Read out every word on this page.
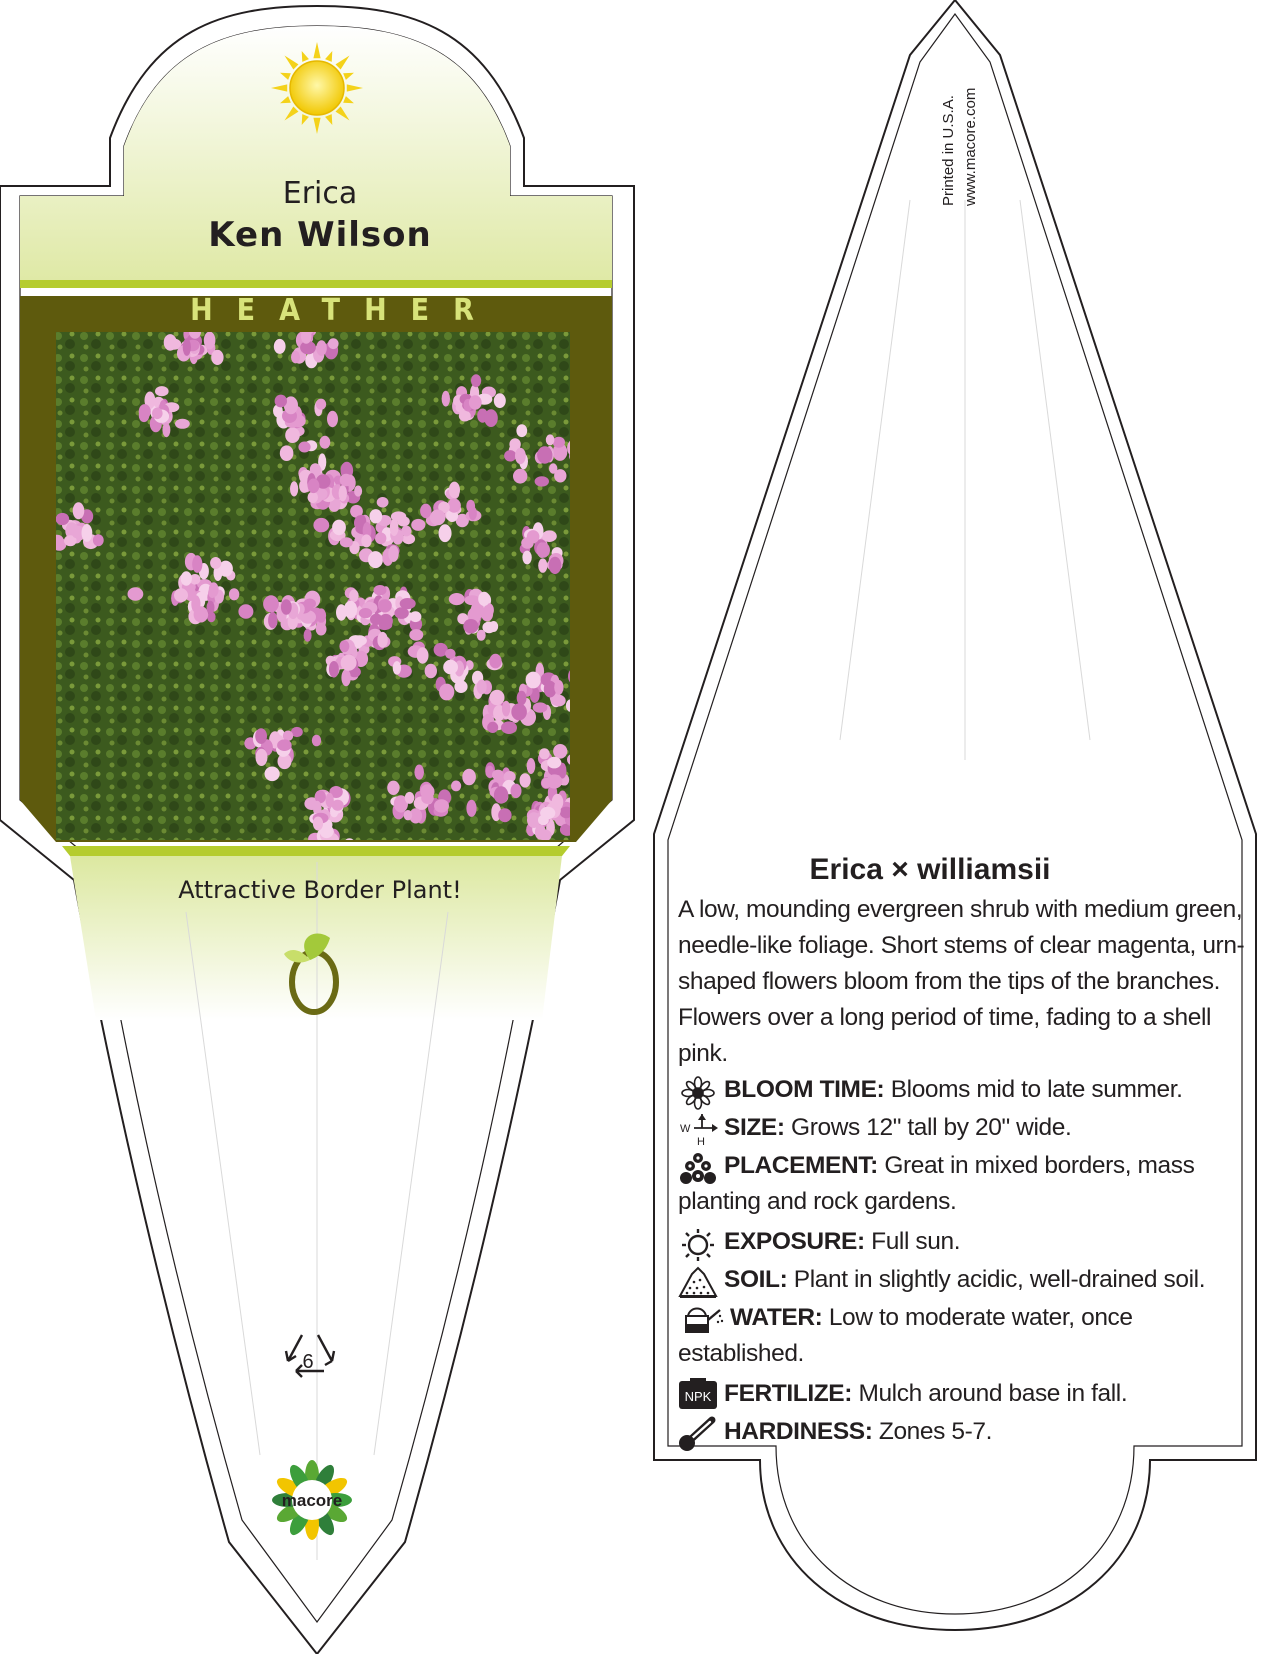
Erica
Ken Wilson
HEATHER
Attractive Border Plant!
6
macore
Printed in U.S.A. www.macore.com
Erica × williamsii
A low, mounding evergreen shrub with medium green, needle-like foliage. Short stems of clear magenta, urn-shaped flowers bloom from the tips of the branches. Flowers over a long period of time, fading to a shell pink.
BLOOM TIME: Blooms mid to late summer.
SIZE: Grows 12" tall by 20" wide.
PLACEMENT: Great in mixed borders, mass planting and rock gardens.
EXPOSURE: Full sun.
SOIL: Plant in slightly acidic, well-drained soil.
WATER: Low to moderate water, once established.
FERTILIZE: Mulch around base in fall.
HARDINESS: Zones 5-7.
W
H
NPK
